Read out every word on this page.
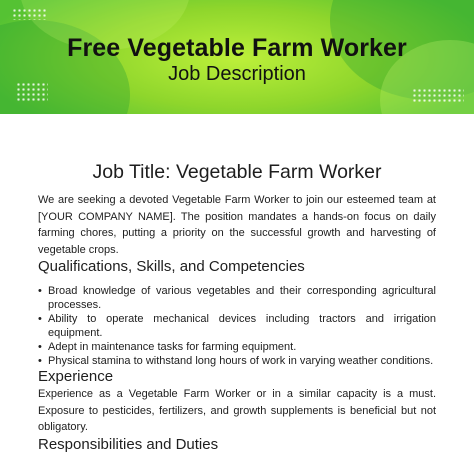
Free Vegetable Farm Worker
Job Description
Job Title: Vegetable Farm Worker

We are seeking a devoted Vegetable Farm Worker to join our esteemed team at [YOUR COMPANY NAME]. The position mandates a hands-on focus on daily farming chores, putting a priority on the successful growth and harvesting of vegetable crops.

Qualifications, Skills, and Competencies
• Broad knowledge of various vegetables and their corresponding agricultural processes.
• Ability to operate mechanical devices including tractors and irrigation equipment.
• Adept in maintenance tasks for farming equipment.
• Physical stamina to withstand long hours of work in varying weather conditions.
Experience

Experience as a Vegetable Farm Worker or in a similar capacity is a must. Exposure to pesticides, fertilizers, and growth supplements is beneficial but not obligatory.

Responsibilities and Duties
